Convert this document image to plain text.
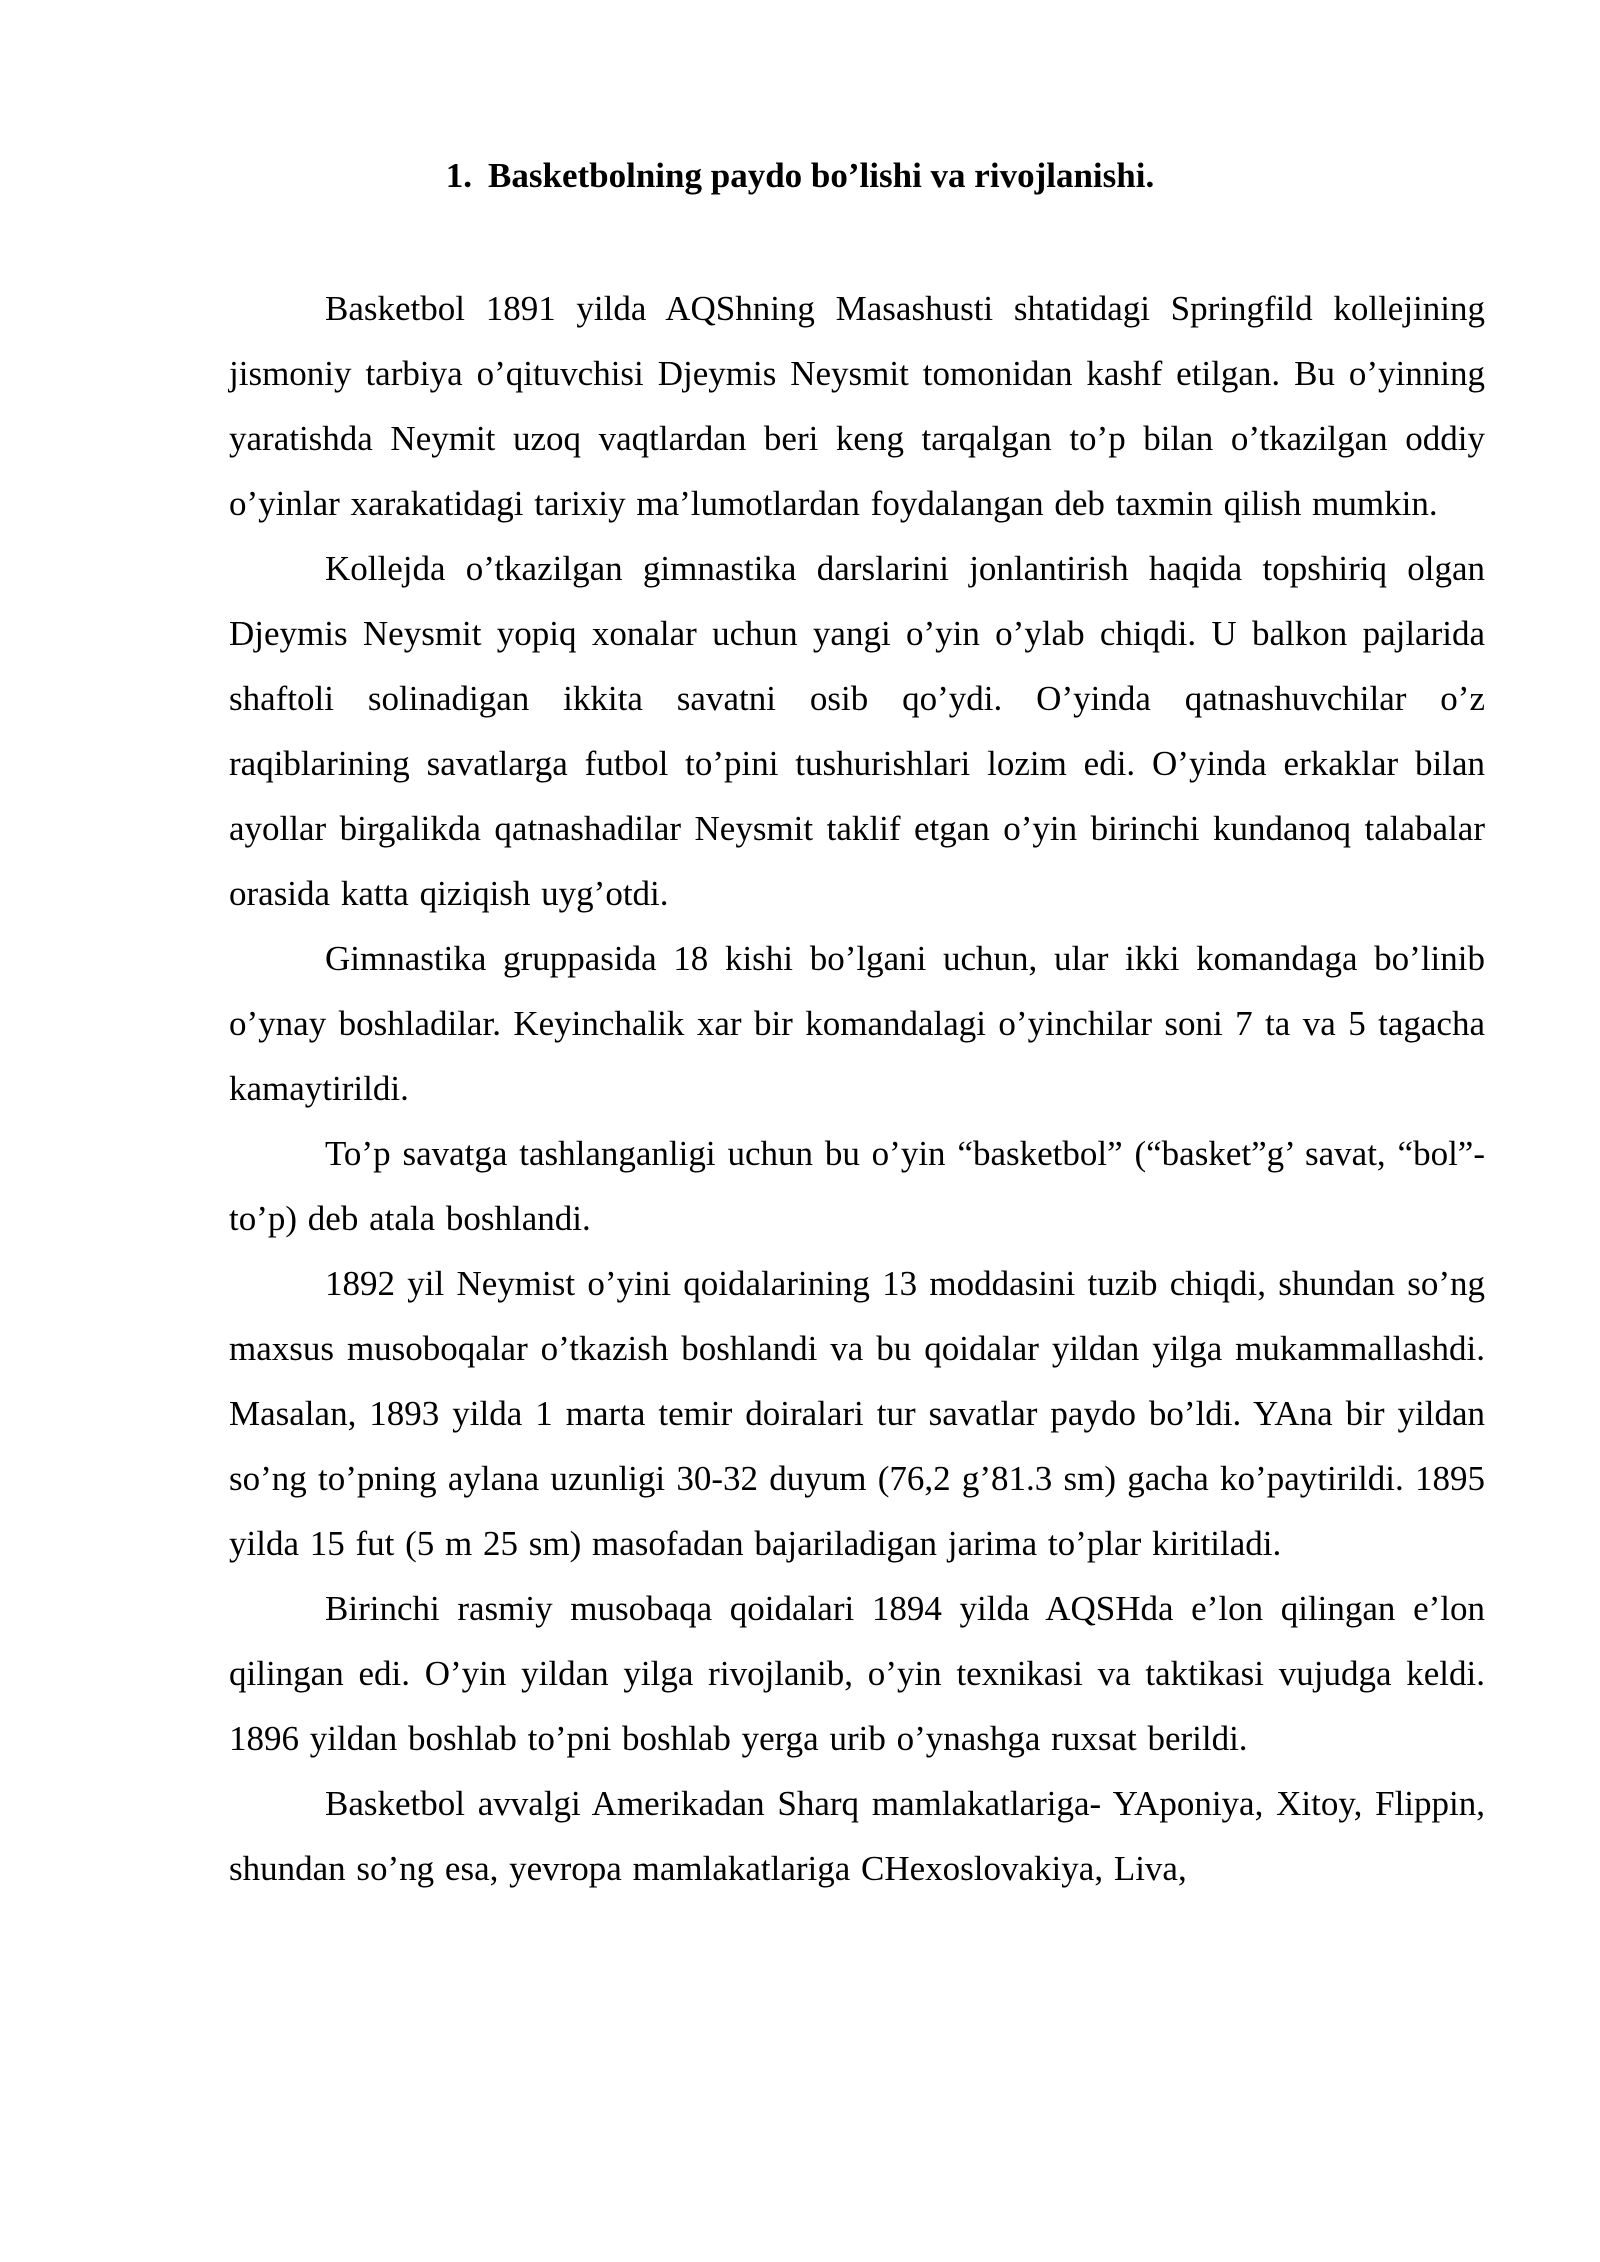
1. Basketbolning paydo bo’lishi va rivojlanishi.

Basketbol 1891 yilda AQShning Masashusti shtatidagi Springfild kollejining jismoniy tarbiya o’qituvchisi Djeymis Neysmit tomonidan kashf etilgan. Bu o’yinning yaratishda Neymit uzoq vaqtlardan beri keng tarqalgan to’p bilan o’tkazilgan oddiy o’yinlar xarakatidagi tarixiy ma’lumotlardan foydalangan deb taxmin qilish mumkin.

Kollejda o’tkazilgan gimnastika darslarini jonlantirish haqida topshiriq olgan Djeymis Neysmit yopiq xonalar uchun yangi o’yin o’ylab chiqdi. U balkon pajlarida shaftoli solinadigan ikkita savatni osib qo’ydi. O’yinda qatnashuvchilar o’z raqiblarining savatlarga futbol to’pini tushurishlari lozim edi. O’yinda erkaklar bilan ayollar birgalikda qatnashadilar Neysmit taklif etgan o’yin birinchi kundanoq talabalar orasida katta qiziqish uyg’otdi.

Gimnastika gruppasida 18 kishi bo’lgani uchun, ular ikki komandaga bo’linib o’ynay boshladilar. Keyinchalik xar bir komandalagi o’yinchilar soni 7 ta va 5 tagacha kamaytirildi.

To’p savatga tashlanganligi uchun bu o’yin “basketbol” (“basket”g’ savat, “bol”-to’p) deb atala boshlandi.

1892 yil Neymist o’yini qoidalarining 13 moddasini tuzib chiqdi, shundan so’ng maxsus musoboqalar o’tkazish boshlandi va bu qoidalar yildan yilga mukammallashdi. Masalan, 1893 yilda 1 marta temir doiralari tur savatlar paydo bo’ldi. YAna bir yildan so’ng to’pning aylana uzunligi 30-32 duyum (76,2 g’81.3 sm) gacha ko’paytirildi. 1895 yilda 15 fut (5 m 25 sm) masofadan bajariladigan jarima to’plar kiritiladi.

Birinchi rasmiy musobaqa qoidalari 1894 yilda AQSHda e’lon qilingan e’lon qilingan edi. O’yin yildan yilga rivojlanib, o’yin texnikasi va taktikasi vujudga keldi. 1896 yildan boshlab to’pni boshlab yerga urib o’ynashga ruxsat berildi.

Basketbol avvalgi Amerikadan Sharq mamlakatlariga- YAponiya, Xitoy, Flippin, shundan so’ng esa, yevropa mamlakatlariga CHexoslovakiya, Liva,
